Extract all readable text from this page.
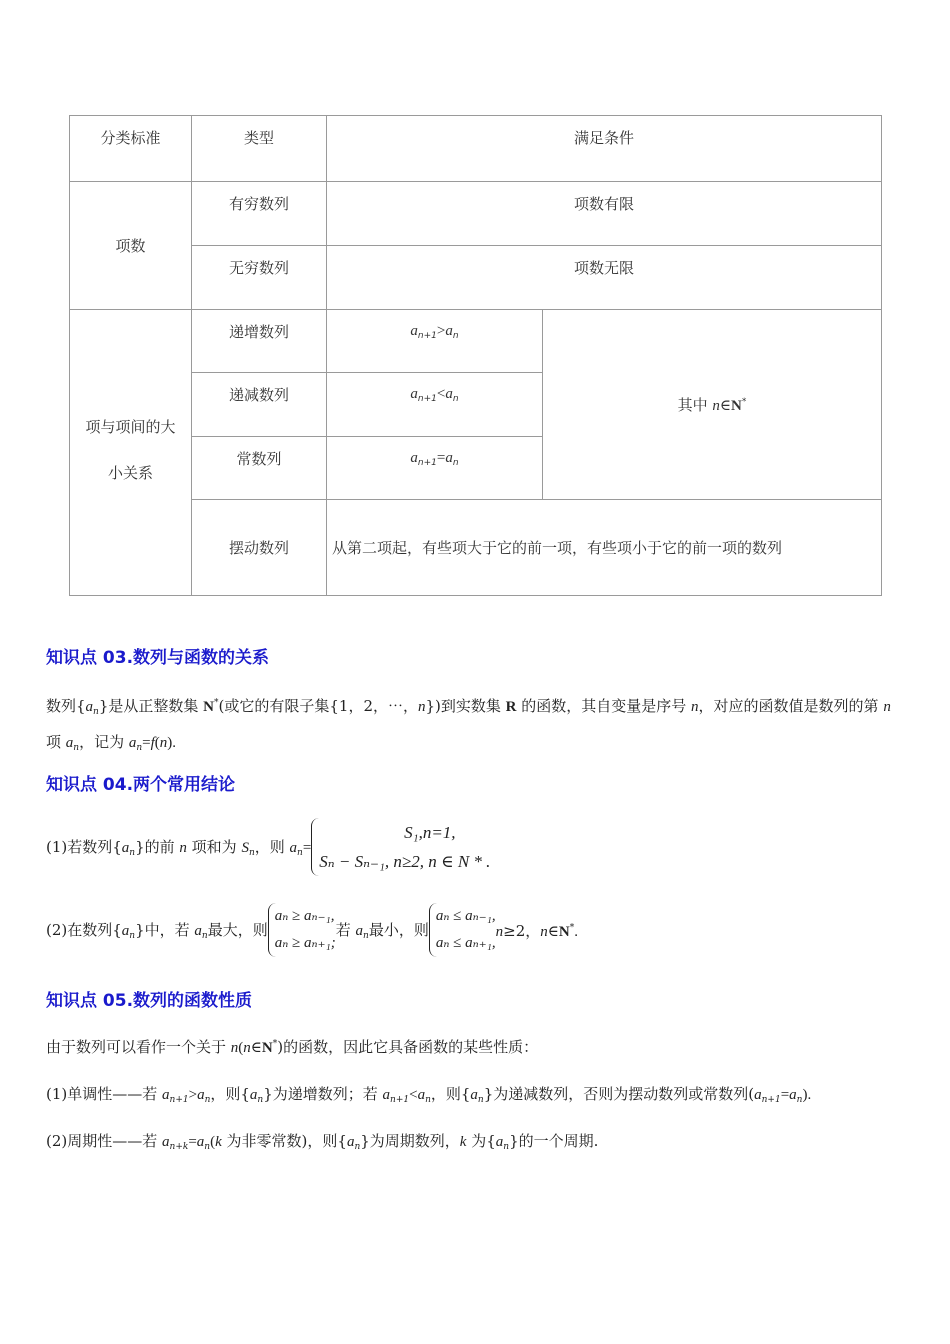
分类标准	类型	满足条件	
项数	有穷数列	项数有限	
	无穷数列	项数无限	

项与项间的大
小关系	递增数列	$a_{n+1}>a_n$	其中 n∈N*
	递减数列	$a_{n+1}<a_n$
	常数列	$a_{n+1}=a_n$
	摆动数列	从第二项起，有些项大于它的前一项，有些项小于它的前一项的数列	
知识点 03.数列与函数的关系

数列$\{a_n\}$是从正整数集 N*(或它的有限子集{1，2，⋯，n})到实数集 R 的函数，其自变量是序号 n，对应的函数值是数列的第 n 项 $a_n$，记为 $a_n=f(n)$.

知识点 04.两个常用结论
(1)若数列$\{a_n\}$的前 n 项和为 $S_n$，则 $a_n=$
S₁,n=1,
Sₙ − Sₙ₋₁, n≥2, n ∈ N * .
(2)在数列$\{a_n\}$中，若 $a_n$最大，则
aₙ ≥ aₙ₋₁,
aₙ ≥ aₙ₊₁;
若 $a_n$最小，则
aₙ ≤ aₙ₋₁,
aₙ ≤ aₙ₊₁,
n≥2，n∈N*.
知识点 05.数列的函数性质
由于数列可以看作一个关于 n(n∈N*)的函数，因此它具备函数的某些性质：
(1)单调性——若 $a_{n+1}>a_n$，则$\{a_n\}$为递增数列；若 $a_{n+1}<a_n$，则$\{a_n\}$为递减数列，否则为摆动数列或常数列$(a_{n+1}=a_n)$.
(2)周期性——若 $a_{n+k}=a_n(k$ 为非零常数)，则$\{a_n\}$为周期数列，k 为$\{a_n\}$的一个周期.
